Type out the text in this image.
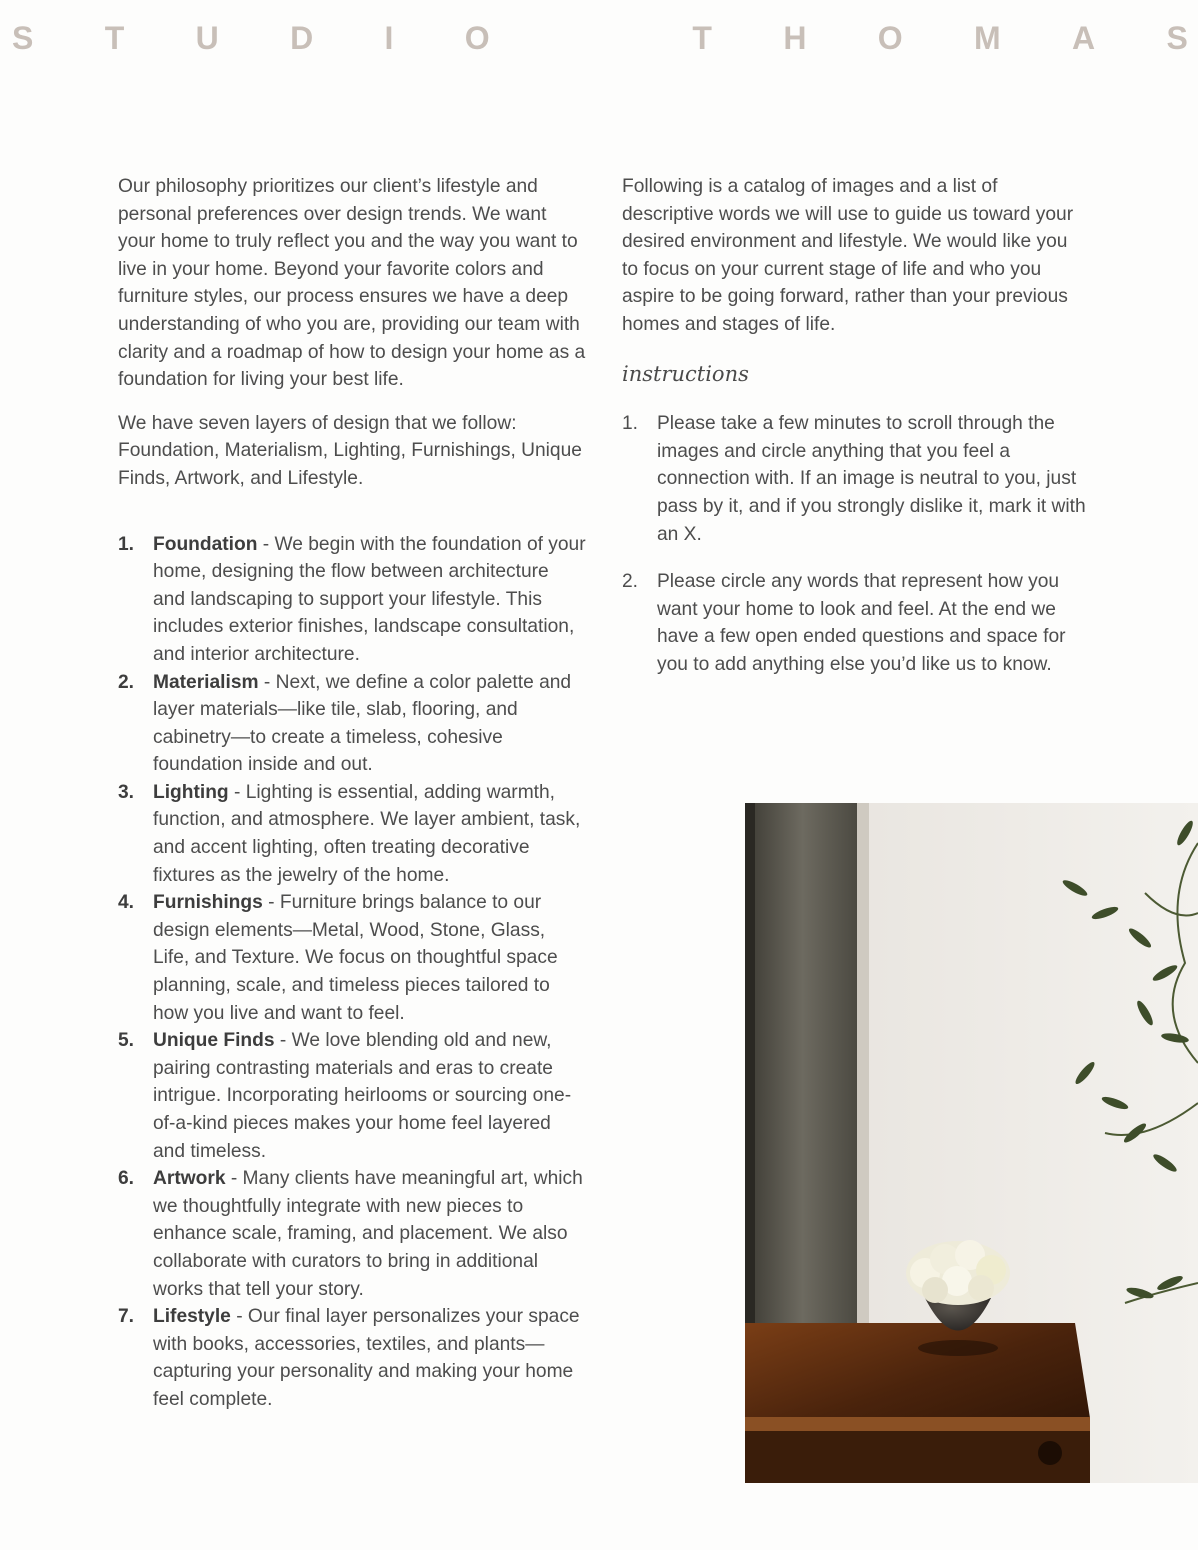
S T U D I O	T H O M A S

Our philosophy prioritizes our client’s lifestyle and personal preferences over design trends. We want your home to truly reflect you and the way you want to live in your home. Beyond your favorite colors and furniture styles, our process ensures we have a deep understanding of who you are, providing our team with clarity and a roadmap of how to design your home as a foundation for living your best life.

We have seven layers of design that we follow: Foundation, Materialism, Lighting, Furnishings, Unique Finds, Artwork, and Lifestyle.

1. Foundation - We begin with the foundation of your home, designing the flow between architecture and landscaping to support your lifestyle. This includes exterior finishes, landscape consultation, and interior architecture.
2. Materialism - Next, we define a color palette and layer materials—like tile, slab, flooring, and cabinetry—to create a timeless, cohesive foundation inside and out.
3. Lighting - Lighting is essential, adding warmth, function, and atmosphere. We layer ambient, task, and accent lighting, often treating decorative fixtures as the jewelry of the home.
4. Furnishings - Furniture brings balance to our design elements—Metal, Wood, Stone, Glass, Life, and Texture. We focus on thoughtful space planning, scale, and timeless pieces tailored to how you live and want to feel.
5. Unique Finds - We love blending old and new, pairing contrasting materials and eras to create intrigue. Incorporating heirlooms or sourcing one-of-a-kind pieces makes your home feel layered and timeless.
6. Artwork - Many clients have meaningful art, which we thoughtfully integrate with new pieces to enhance scale, framing, and placement. We also collaborate with curators to bring in additional works that tell your story.
7. Lifestyle - Our final layer personalizes your space with books, accessories, textiles, and plants—capturing your personality and making your home feel complete.

Following is a catalog of images and a list of descriptive words we will use to guide us toward your desired environment and lifestyle. We would like you to focus on your current stage of life and who you aspire to be going forward, rather than your previous homes and stages of life.

instructions
1. Please take a few minutes to scroll through the images and circle anything that you feel a connection with. If an image is neutral to you, just pass by it, and if you strongly dislike it, mark it with an X.
2. Please circle any words that represent how you want your home to look and feel. At the end we have a few open ended questions and space for you to add anything else you’d like us to know.
